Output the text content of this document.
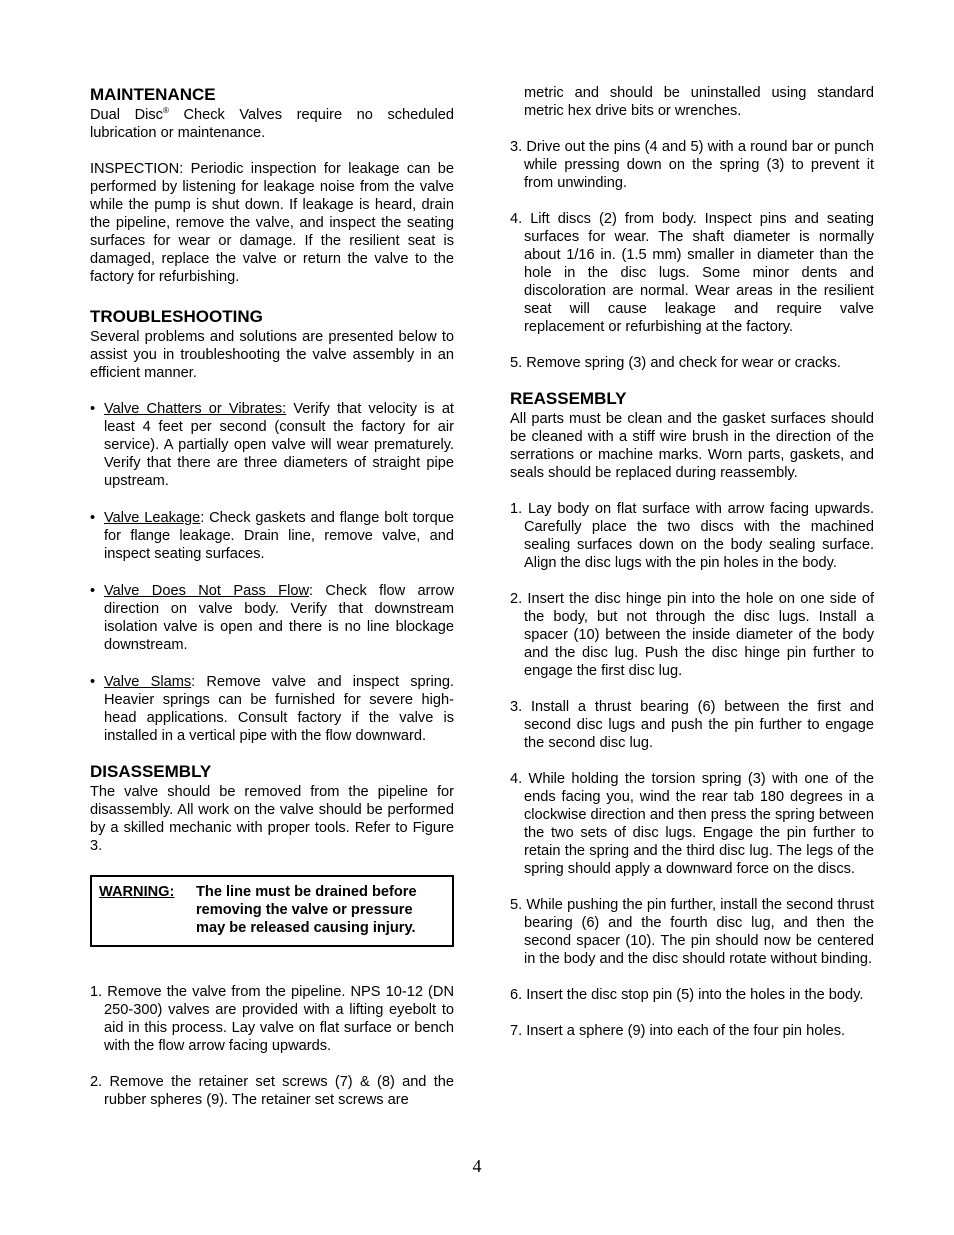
MAINTENANCE

Dual Disc® Check Valves require no scheduled lubrication or maintenance.

INSPECTION: Periodic inspection for leakage can be performed by listening for leakage noise from the valve while the pump is shut down. If leakage is heard, drain the pipeline, remove the valve, and inspect the seating surfaces for wear or damage. If the resilient seat is damaged, replace the valve or return the valve to the factory for refurbishing.

TROUBLESHOOTING

Several problems and solutions are presented below to assist you in troubleshooting the valve assembly in an efficient manner.

• Valve Chatters or Vibrates: Verify that velocity is at least 4 feet per second (consult the factory for air service). A partially open valve will wear prematurely. Verify that there are three diameters of straight pipe upstream.
• Valve Leakage: Check gaskets and flange bolt torque for flange leakage. Drain line, remove valve, and inspect seating surfaces.
• Valve Does Not Pass Flow: Check flow arrow direction on valve body. Verify that downstream isolation valve is open and there is no line blockage downstream.
• Valve Slams: Remove valve and inspect spring. Heavier springs can be furnished for severe high-head applications. Consult factory if the valve is installed in a vertical pipe with the flow downward.
DISASSEMBLY

The valve should be removed from the pipeline for disassembly. All work on the valve should be performed by a skilled mechanic with proper tools. Refer to Figure 3.

WARNING:	The line must be drained before removing the valve or pressure may be released causing injury.

1. Remove the valve from the pipeline. NPS 10-12 (DN 250-300) valves are provided with a lifting eyebolt to aid in this process. Lay valve on flat surface or bench with the flow arrow facing upwards.

2. Remove the retainer set screws (7) & (8) and the rubber spheres (9). The retainer set screws are

metric and should be uninstalled using standard metric hex drive bits or wrenches.

3. Drive out the pins (4 and 5) with a round bar or punch while pressing down on the spring (3) to prevent it from unwinding.

4. Lift discs (2) from body. Inspect pins and seating surfaces for wear. The shaft diameter is normally about 1/16 in. (1.5 mm) smaller in diameter than the hole in the disc lugs. Some minor dents and discoloration are normal. Wear areas in the resilient seat will cause leakage and require valve replacement or refurbishing at the factory.

5. Remove spring (3) and check for wear or cracks.

REASSEMBLY

All parts must be clean and the gasket surfaces should be cleaned with a stiff wire brush in the direction of the serrations or machine marks. Worn parts, gaskets, and seals should be replaced during reassembly.

1. Lay body on flat surface with arrow facing upwards. Carefully place the two discs with the machined sealing surfaces down on the body sealing surface. Align the disc lugs with the pin holes in the body.

2. Insert the disc hinge pin into the hole on one side of the body, but not through the disc lugs. Install a spacer (10) between the inside diameter of the body and the disc lug. Push the disc hinge pin further to engage the first disc lug.

3. Install a thrust bearing (6) between the first and second disc lugs and push the pin further to engage the second disc lug.

4. While holding the torsion spring (3) with one of the ends facing you, wind the rear tab 180 degrees in a clockwise direction and then press the spring between the two sets of disc lugs. Engage the pin further to retain the spring and the third disc lug. The legs of the spring should apply a downward force on the discs.

5. While pushing the pin further, install the second thrust bearing (6) and the fourth disc lug, and then the second spacer (10). The pin should now be centered in the body and the disc should rotate without binding.

6. Insert the disc stop pin (5) into the holes in the body.

7. Insert a sphere (9) into each of the four pin holes.

4
